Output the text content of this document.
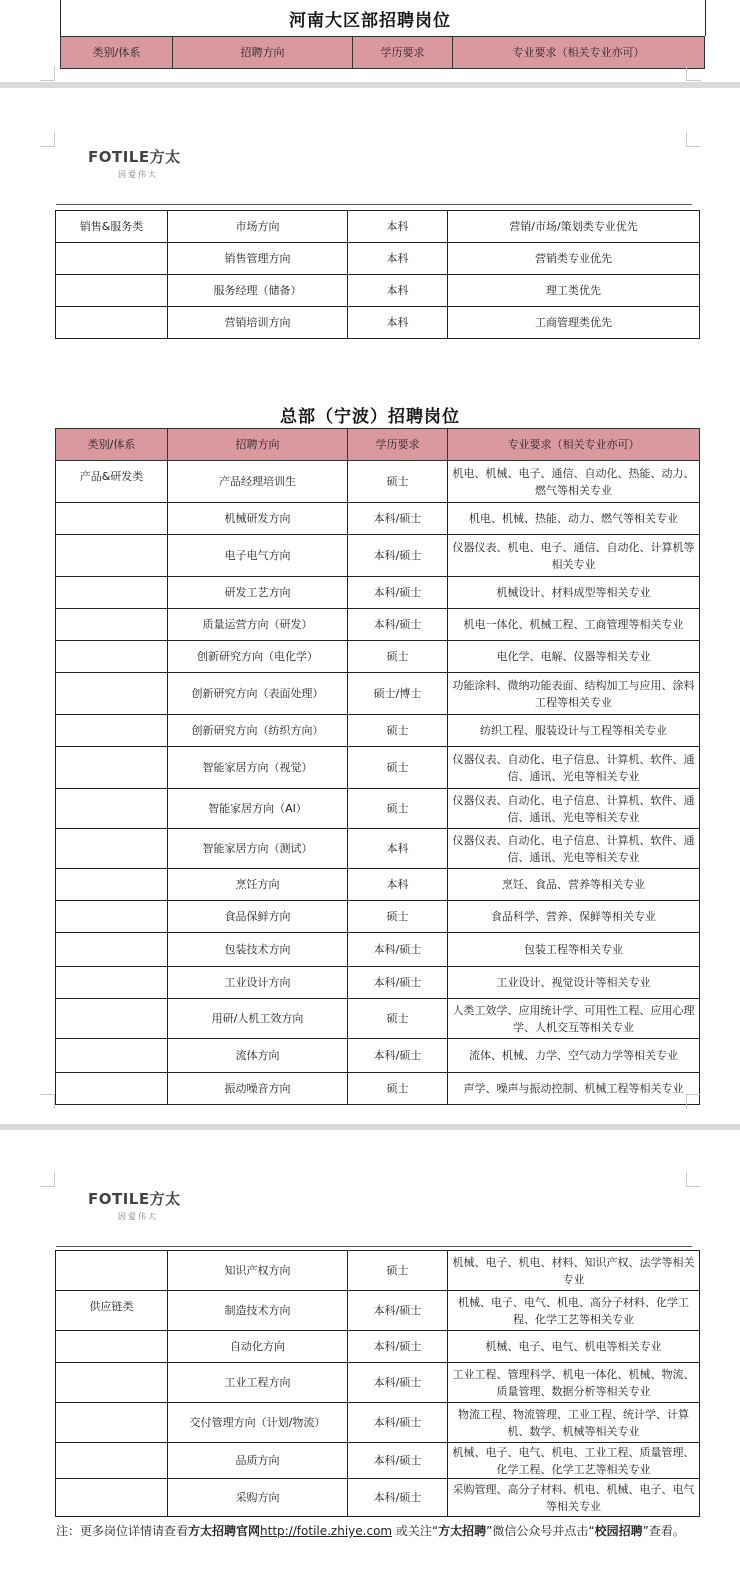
河南大区部招聘岗位
类别/体系	招聘方向	学历要求	专业要求（相关专业亦可）
FOTILE方太
因爱伟大
销售&服务类	市场方向	本科	营销/市场/策划类专业优先
	销售管理方向	本科	营销类专业优先
	服务经理（储备）	本科	理工类优先
	营销培训方向	本科	工商管理类优先
总部（宁波）招聘岗位
类别/体系	招聘方向	学历要求	专业要求（相关专业亦可）
产品&研发类	产品经理培训生	硕士	机电、机械、电子、通信、自动化、热能、动力、燃气等相关专业
	机械研发方向	本科/硕士	机电、机械、热能、动力、燃气等相关专业
	电子电气方向	本科/硕士	仪器仪表、机电、电子、通信、自动化、计算机等相关专业
	研发工艺方向	本科/硕士	机械设计、材料成型等相关专业
	质量运营方向（研发）	本科/硕士	机电一体化、机械工程、工商管理等相关专业
	创新研究方向（电化学）	硕士	电化学、电解、仪器等相关专业
	创新研究方向（表面处理）	硕士/博士	功能涂料、微纳功能表面、结构加工与应用、涂料工程等相关专业
	创新研究方向（纺织方向）	硕士	纺织工程、服装设计与工程等相关专业
	智能家居方向（视觉）	硕士	仪器仪表、自动化、电子信息、计算机、软件、通信、通讯、光电等相关专业
	智能家居方向（AI）	硕士	仪器仪表、自动化、电子信息、计算机、软件、通信、通讯、光电等相关专业
	智能家居方向（测试）	本科	仪器仪表、自动化、电子信息、计算机、软件、通信、通讯、光电等相关专业
	烹饪方向	本科	烹饪、食品、营养等相关专业
	食品保鲜方向	硕士	食品科学、营养、保鲜等相关专业
	包装技术方向	本科/硕士	包装工程等相关专业
	工业设计方向	本科/硕士	工业设计、视觉设计等相关专业
	用研/人机工效方向	硕士	人类工效学、应用统计学、可用性工程、应用心理学、人机交互等相关专业
	流体方向	本科/硕士	流体、机械、力学、空气动力学等相关专业
	振动噪音方向	硕士	声学、噪声与振动控制、机械工程等相关专业
FOTILE方太
因爱伟大
	知识产权方向	硕士	机械、电子、机电、材料、知识产权、法学等相关专业
供应链类	制造技术方向	本科/硕士	机械、电子、电气、机电、高分子材料、化学工程、化学工艺等相关专业
	自动化方向	本科/硕士	机械、电子、电气、机电等相关专业
	工业工程方向	本科/硕士	工业工程、管理科学、机电一体化、机械、物流、质量管理、数据分析等相关专业
	交付管理方向（计划/物流）	本科/硕士	物流工程、物流管理、工业工程、统计学、计算机、数学、机械等相关专业
	品质方向	本科/硕士	机械、电子、电气、机电、工业工程、质量管理、化学工程、化学工艺等相关专业
	采购方向	本科/硕士	采购管理、高分子材料、机电、机械、电子、电气等相关专业
注：更多岗位详情请查看方太招聘官网http://fotile.zhiye.com 或关注“方太招聘”微信公众号并点击“校园招聘”查看。
